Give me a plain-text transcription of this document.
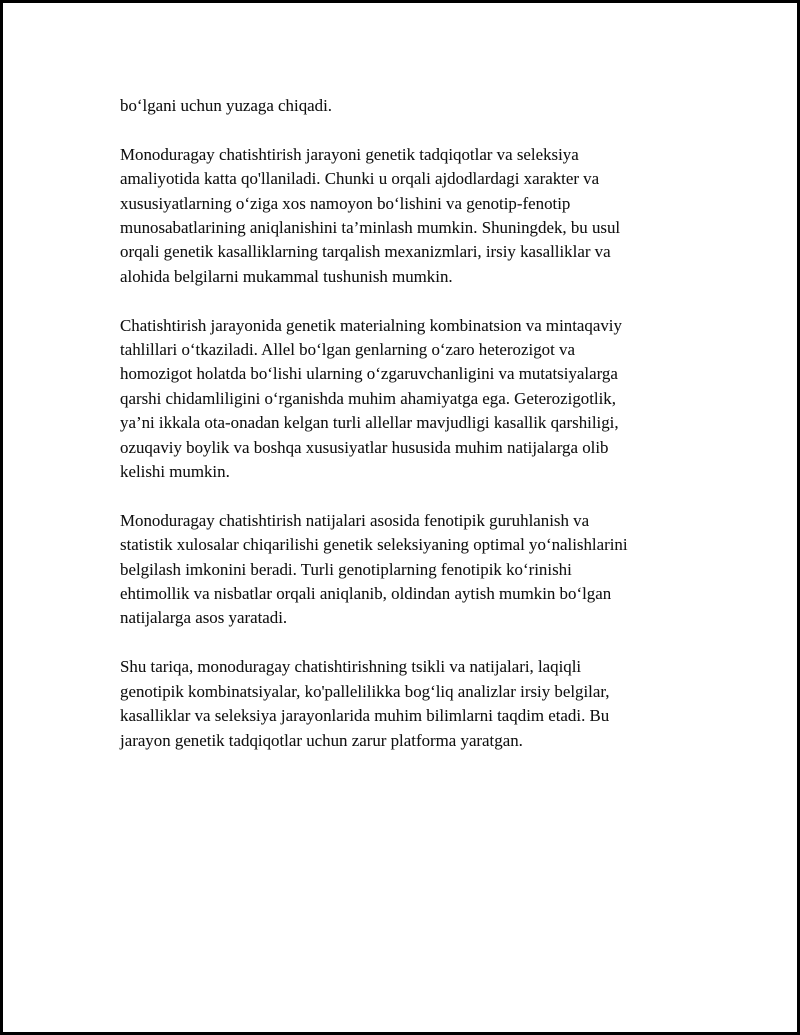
bo‘lgani uchun yuzaga chiqadi.

Monoduragay chatishtirish jarayoni genetik tadqiqotlar va seleksiya
amaliyotida katta qo'llaniladi. Chunki u orqali ajdodlardagi xarakter va
xususiyatlarning o‘ziga xos namoyon bo‘lishini va genotip-fenotip
munosabatlarining aniqlanishini ta’minlash mumkin. Shuningdek, bu usul
orqali genetik kasalliklarning tarqalish mexanizmlari, irsiy kasalliklar va
alohida belgilarni mukammal tushunish mumkin.

Chatishtirish jarayonida genetik materialning kombinatsion va mintaqaviy
tahlillari o‘tkaziladi. Allel bo‘lgan genlarning o‘zaro heterozigot va
homozigot holatda bo‘lishi ularning o‘zgaruvchanligini va mutatsiyalarga
qarshi chidamliligini o‘rganishda muhim ahamiyatga ega. Geterozigotlik,
ya’ni ikkala ota-onadan kelgan turli allellar mavjudligi kasallik qarshiligi,
ozuqaviy boylik va boshqa xususiyatlar hususida muhim natijalarga olib
kelishi mumkin.

Monoduragay chatishtirish natijalari asosida fenotipik guruhlanish va
statistik xulosalar chiqarilishi genetik seleksiyaning optimal yo‘nalishlarini
belgilash imkonini beradi. Turli genotiplarning fenotipik ko‘rinishi
ehtimollik va nisbatlar orqali aniqlanib, oldindan aytish mumkin bo‘lgan
natijalarga asos yaratadi.

Shu tariqa, monoduragay chatishtirishning tsikli va natijalari, laqiqli
genotipik kombinatsiyalar, ko'pallelilikka bog‘liq analizlar irsiy belgilar,
kasalliklar va seleksiya jarayonlarida muhim bilimlarni taqdim etadi. Bu
jarayon genetik tadqiqotlar uchun zarur platforma yaratgan.
